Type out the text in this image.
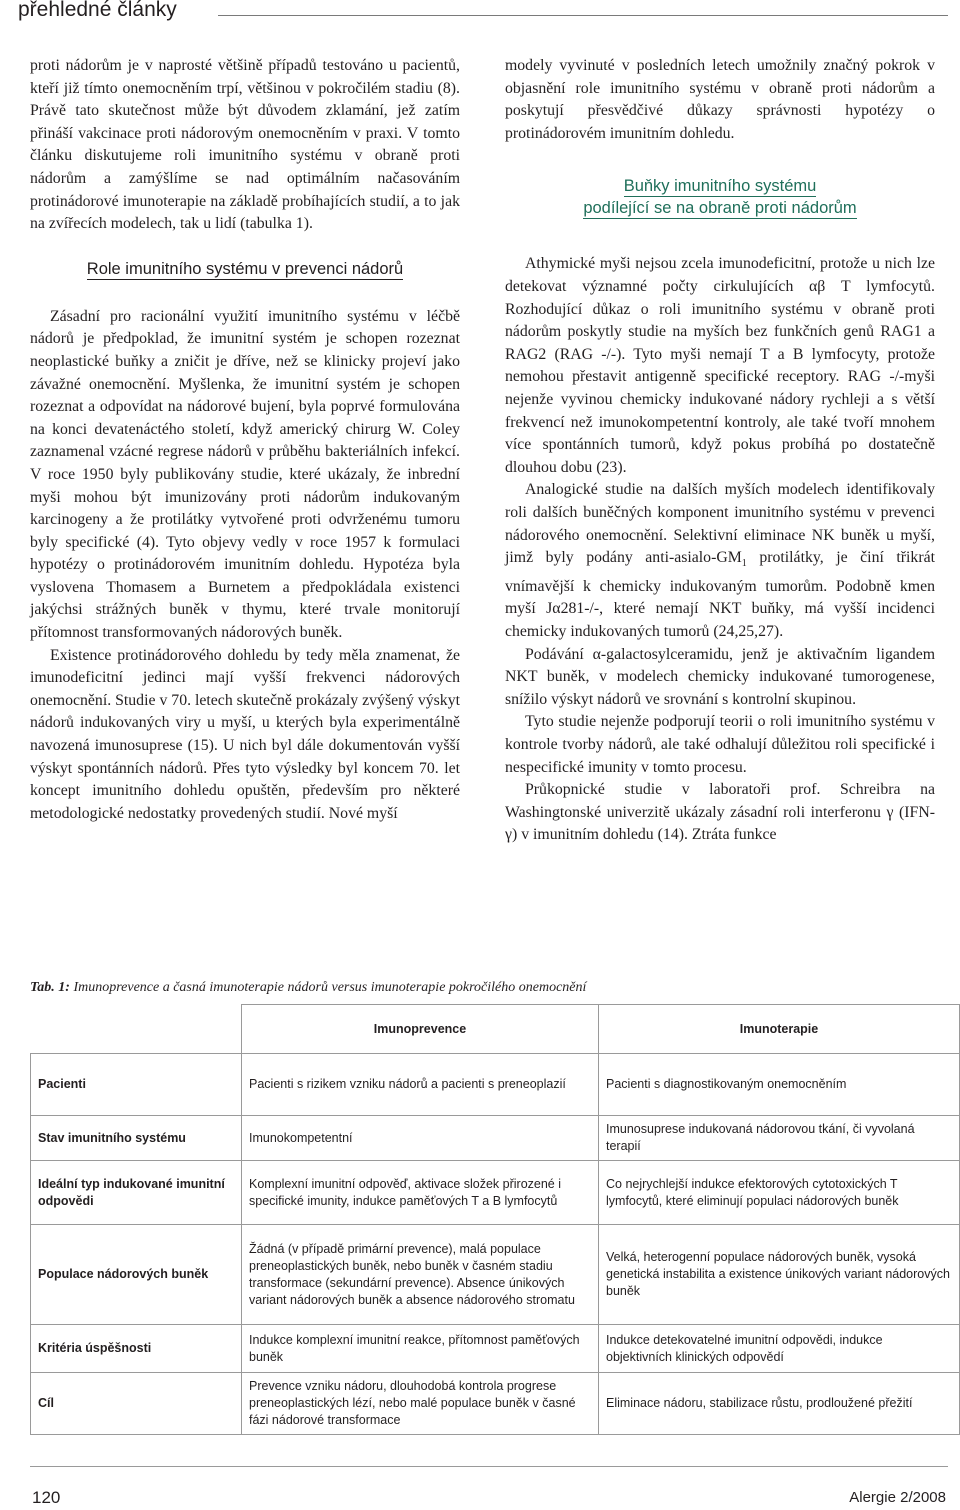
přehledné články

proti nádorům je v naprosté většině případů testováno u pacientů, kteří již tímto onemocněním trpí, většinou v pokročilém stadiu (8). Právě tato skutečnost může být důvodem zklamání, jež zatím přináší vakcinace proti nádorovým onemocněním v praxi. V tomto článku diskutujeme roli imunitního systému v obraně proti nádorům a zamýšlíme se nad optimálním načasováním protinádorové imunoterapie na základě probíhajících studií, a to jak na zvířecích modelech, tak u lidí (tabulka 1).

Role imunitního systému v prevenci nádorů

Zásadní pro racionální využití imunitního systému v léčbě nádorů je předpoklad, že imunitní systém je schopen rozeznat neoplastické buňky a zničit je dříve, než se klinicky projeví jako závažné onemocnění. Myšlenka, že imunitní systém je schopen rozeznat a odpovídat na nádorové bujení, byla poprvé formulována na konci devatenáctého století, když americký chirurg W. Coley zaznamenal vzácné regrese nádorů v průběhu bakteriálních infekcí. V roce 1950 byly publikovány studie, které ukázaly, že inbrední myši mohou být imunizovány proti nádorům indukovaným karcinogeny a že protilátky vytvořené proti odvrženému tumoru byly specifické (4). Tyto objevy vedly v roce 1957 k formulaci hypotézy o protinádorovém imunitním dohledu. Hypotéza byla vyslovena Thomasem a Burnetem a předpokládala existenci jakýchsi strážných buněk v thymu, které trvale monitorují přítomnost transformovaných nádorových buněk.

Existence protinádorového dohledu by tedy měla znamenat, že imunodeficitní jedinci mají vyšší frekvenci nádorových onemocnění. Studie v 70. letech skutečně prokázaly zvýšený výskyt nádorů indukovaných viry u myší, u kterých byla experimentálně navozená imunosuprese (15). U nich byl dále dokumentován vyšší výskyt spontánních nádorů. Přes tyto výsledky byl koncem 70. let koncept imunitního dohledu opuštěn, především pro některé metodologické nedostatky provedených studií. Nové myší

modely vyvinuté v posledních letech umožnily značný pokrok v objasnění role imunitního systému v obraně proti nádorům a poskytují přesvědčivé důkazy správnosti hypotézy o protinádorovém imunitním dohledu.

Buňky imunitního systému
podílející se na obraně proti nádorům

Athymické myši nejsou zcela imunodeficitní, protože u nich lze detekovat významné počty cirkulujících αβ T lymfocytů. Rozhodující důkaz o roli imunitního systému v obraně proti nádorům poskytly studie na myších bez funkčních genů RAG1 a RAG2 (RAG -/-). Tyto myši nemají T a B lymfocyty, protože nemohou přestavit antigenně specifické receptory. RAG -/-myši nejenže vyvinou chemicky indukované nádory rychleji a s větší frekvencí než imunokompetentní kontroly, ale také tvoří mnohem více spontánních tumorů, když pokus probíhá po dostatečně dlouhou dobu (23).

Analogické studie na dalších myších modelech identifikovaly roli dalších buněčných komponent imunitního systému v prevenci nádorového onemocnění. Selektivní eliminace NK buněk u myší, jimž byly podány anti-$asialo-GM_1$ protilátky, je činí třikrát vnímavější k chemicky indukovaným tumorům. Podobně kmen myší Jα281-/-, které nemají NKT buňky, má vyšší incidenci chemicky indukovaných tumorů (24,25,27).

Podávání α-galactosylceramidu, jenž je aktivačním ligandem NKT buněk, v modelech chemicky indukované tumorogenese, snížilo výskyt nádorů ve srovnání s kontrolní skupinou.

Tyto studie nejenže podporují teorii o roli imunitního systému v kontrole tvorby nádorů, ale také odhalují důležitou roli specifické i nespecifické imunity v tomto procesu.

Průkopnické studie v laboratoři prof. Schreibra na Washingtonské univerzitě ukázaly zásadní roli interferonu γ (IFN-γ) v imunitním dohledu (14). Ztráta funkce

Tab. 1: Imunoprevence a časná imunoterapie nádorů versus imunoterapie pokročilého onemocnění
	Imunoprevence	Imunoterapie
Pacienti	Pacienti s rizikem vzniku nádorů a pacienti s preneoplazií	Pacienti s diagnostikovaným onemocněním
Stav imunitního systému	Imunokompetentní	Imunosuprese indukovaná nádorovou tkání, či vyvolaná terapií
Ideální typ indukované imunitní odpovědi	Komplexní imunitní odpověď, aktivace složek přirozené i specifické imunity, indukce paměťových T a B lymfocytů	Co nejrychlejší indukce efektorových cytotoxických T lymfocytů, které eliminují populaci nádorových buněk
Populace nádorových buněk	Žádná (v případě primární prevence), malá populace preneoplastických buněk, nebo buněk v časném stadiu transformace (sekundární prevence). Absence únikových variant nádorových buněk a absence nádorového stromatu	Velká, heterogenní populace nádorových buněk, vysoká genetická instabilita a existence únikových variant nádorových buněk
Kritéria úspěšnosti	Indukce komplexní imunitní reakce, přítomnost paměťových buněk	Indukce detekovatelné imunitní odpovědi, indukce objektivních klinických odpovědí
Cíl	Prevence vzniku nádoru, dlouhodobá kontrola progrese preneoplastických lézí, nebo malé populace buněk v časné fázi nádorové transformace	Eliminace nádoru, stabilizace růstu, prodloužené přežití
120	Alergie 2/2008
